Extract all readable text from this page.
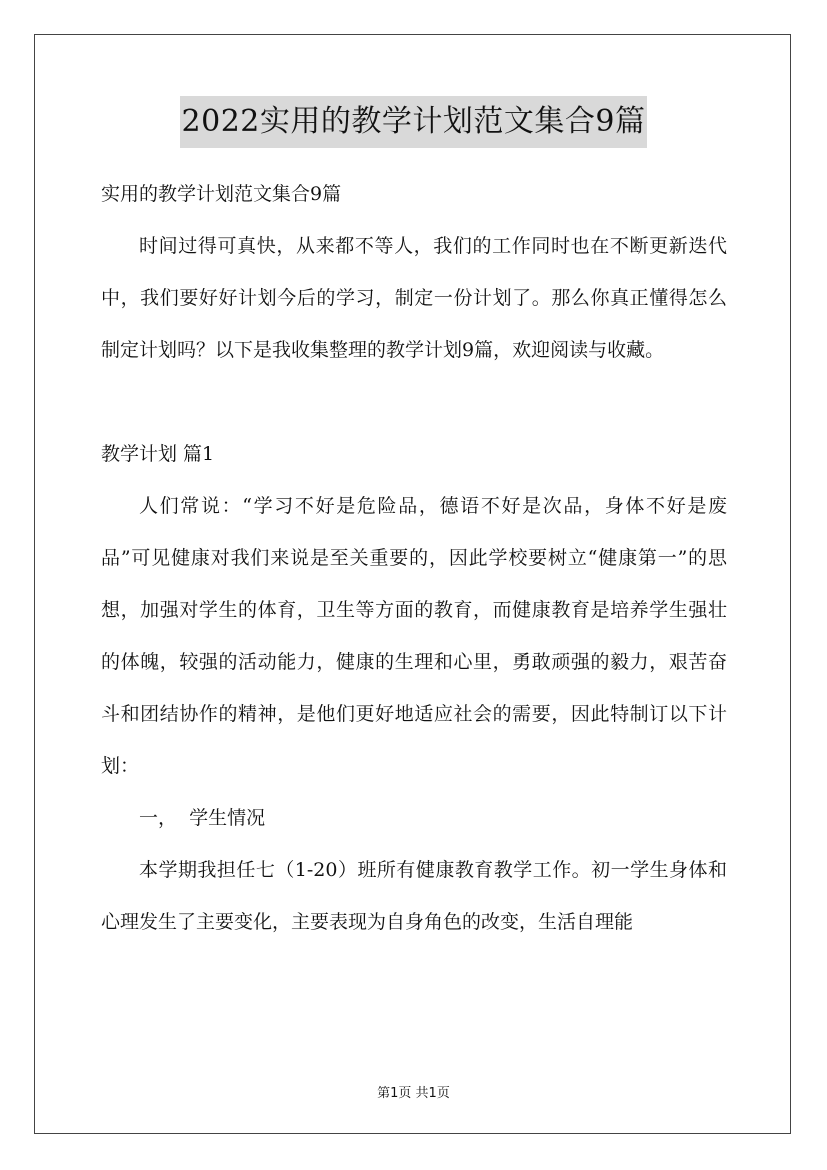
2022实用的教学计划范文集合9篇

实用的教学计划范文集合9篇

时间过得可真快，从来都不等人，我们的工作同时也在不断更新迭代中，我们要好好计划今后的学习，制定一份计划了。那么你真正懂得怎么制定计划吗？以下是我收集整理的教学计划9篇，欢迎阅读与收藏。

教学计划 篇1

人们常说：“学习不好是危险品，德语不好是次品，身体不好是废品”可见健康对我们来说是至关重要的，因此学校要树立“健康第一”的思想，加强对学生的体育，卫生等方面的教育，而健康教育是培养学生强壮的体魄，较强的活动能力，健康的生理和心里，勇敢顽强的毅力，艰苦奋斗和团结协作的精神，是他们更好地适应社会的需要，因此特制订以下计划：

一，  学生情况

本学期我担任七（1-20）班所有健康教育教学工作。初一学生身体和心理发生了主要变化，主要表现为自身角色的改变，生活自理能

第1页 共1页
